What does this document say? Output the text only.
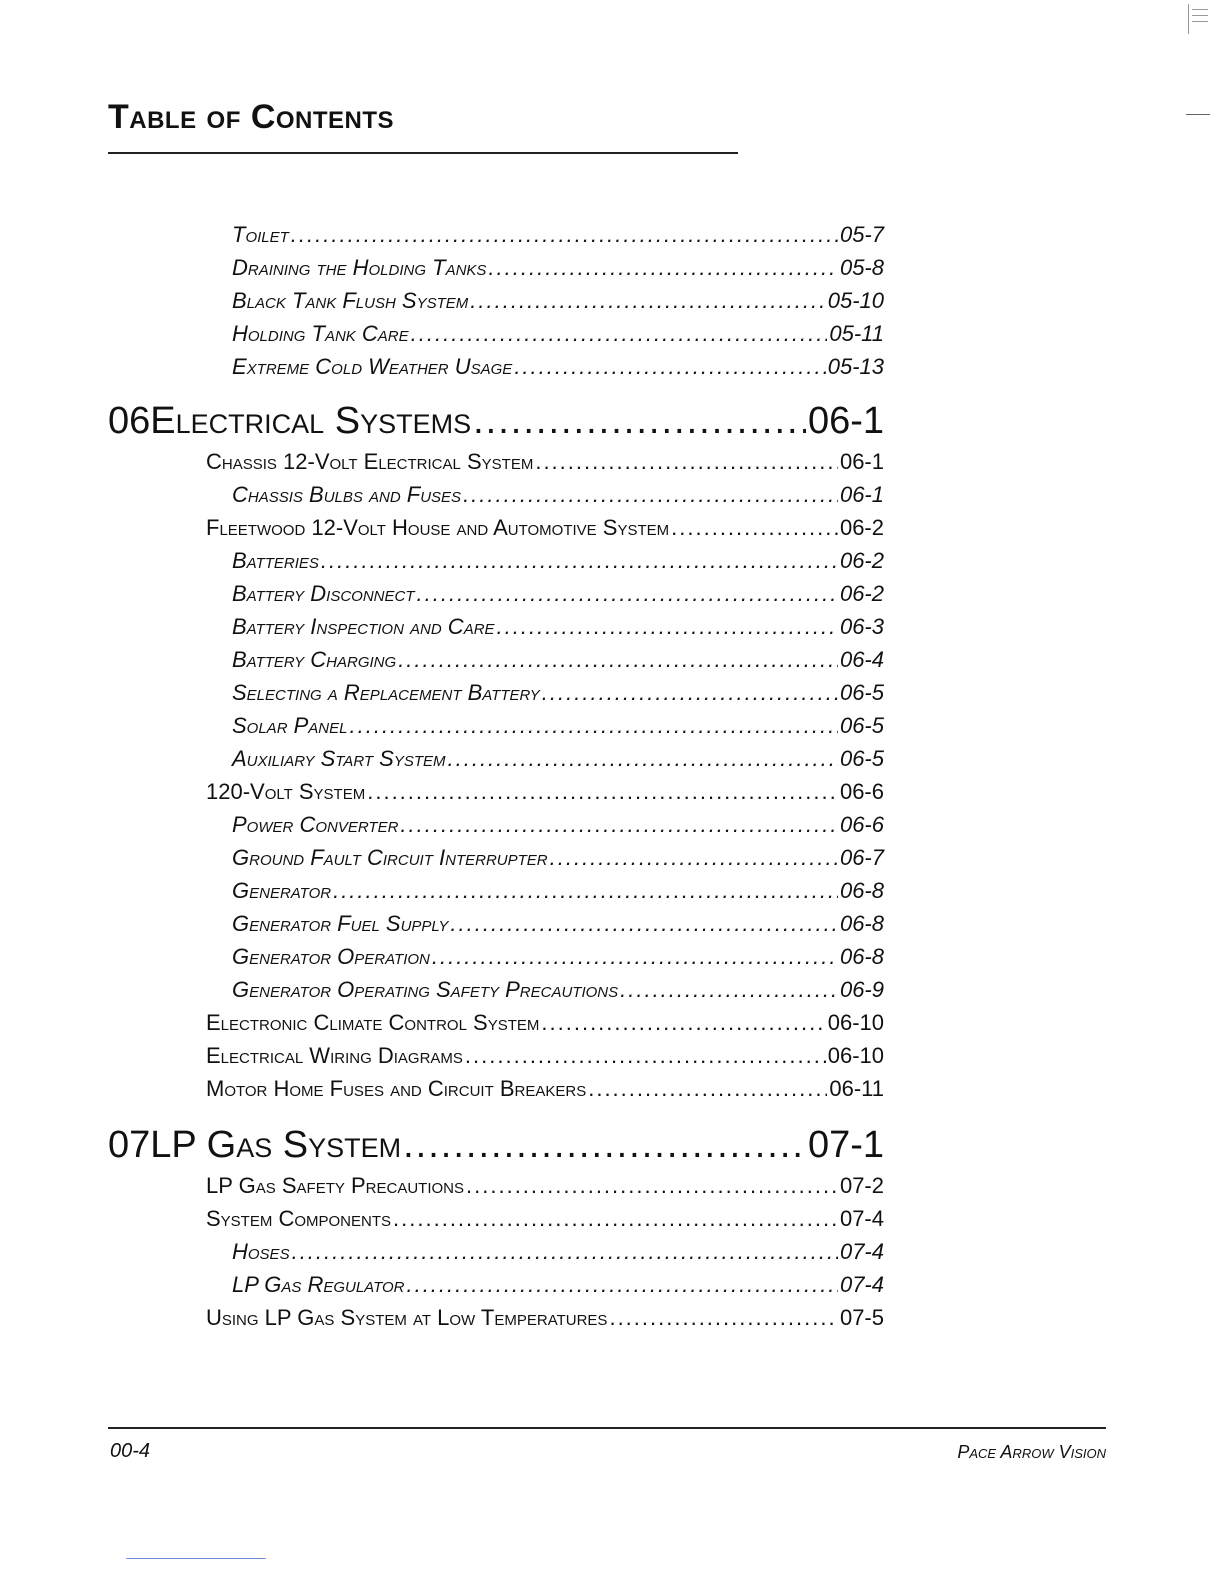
Table of Contents
Toilet .....	05-7
Draining the Holding Tanks .....	05-8
Black Tank Flush System .....	05-10
Holding Tank Care .....	05-11
Extreme Cold Weather Usage .....	05-13
06 Electrical Systems .....	06-1
Chassis 12-Volt Electrical System .....	06-1
Chassis Bulbs and Fuses .....	06-1
Fleetwood 12-Volt House and Automotive System .....	06-2
Batteries .....	06-2
Battery Disconnect .....	06-2
Battery Inspection and Care .....	06-3
Battery Charging .....	06-4
Selecting a Replacement Battery .....	06-5
Solar Panel .....	06-5
Auxiliary Start System .....	06-5
120-Volt System .....	06-6
Power Converter .....	06-6
Ground Fault Circuit Interrupter .....	06-7
Generator .....	06-8
Generator Fuel Supply .....	06-8
Generator Operation .....	06-8
Generator Operating Safety Precautions .....	06-9
Electronic Climate Control System .....	06-10
Electrical Wiring Diagrams .....	06-10
Motor Home Fuses and Circuit Breakers .....	06-11
07 LP Gas System .....	07-1
LP Gas Safety Precautions .....	07-2
System Components .....	07-4
Hoses .....	07-4
LP Gas Regulator .....	07-4
Using LP Gas System at Low Temperatures .....	07-5
00-4	Pace Arrow Vision
